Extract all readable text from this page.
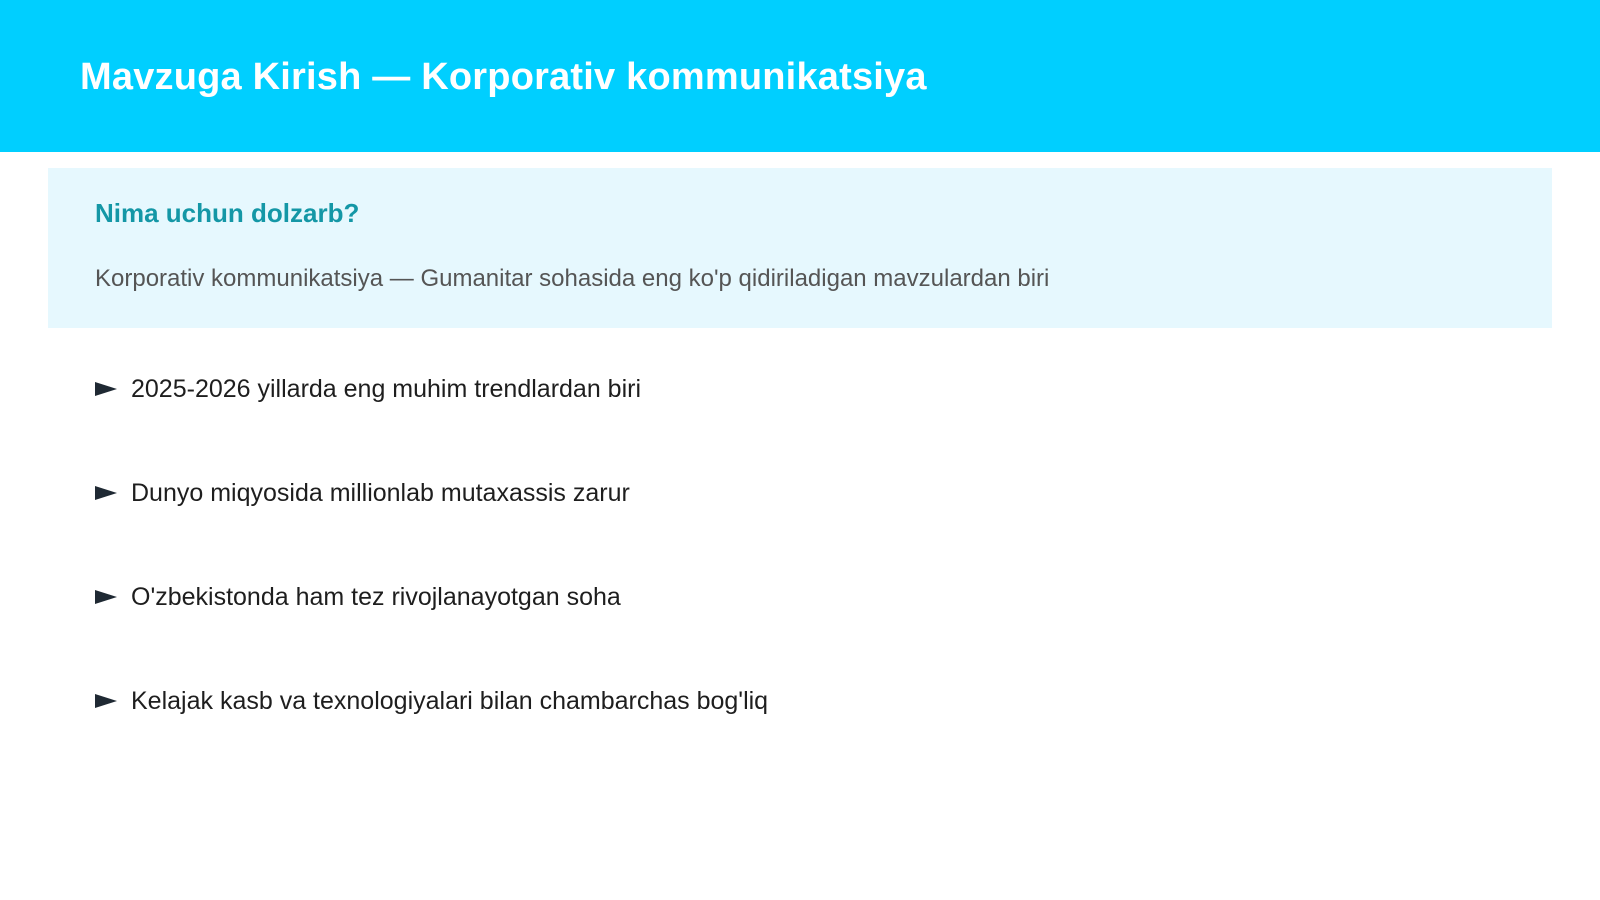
Mavzuga Kirish — Korporativ kommunikatsiya
Nima uchun dolzarb?

Korporativ kommunikatsiya — Gumanitar sohasida eng ko'p qidiriladigan mavzulardan biri

2025-2026 yillarda eng muhim trendlardan biri
Dunyo miqyosida millionlab mutaxassis zarur
O'zbekistonda ham tez rivojlanayotgan soha
Kelajak kasb va texnologiyalari bilan chambarchas bog'liq
